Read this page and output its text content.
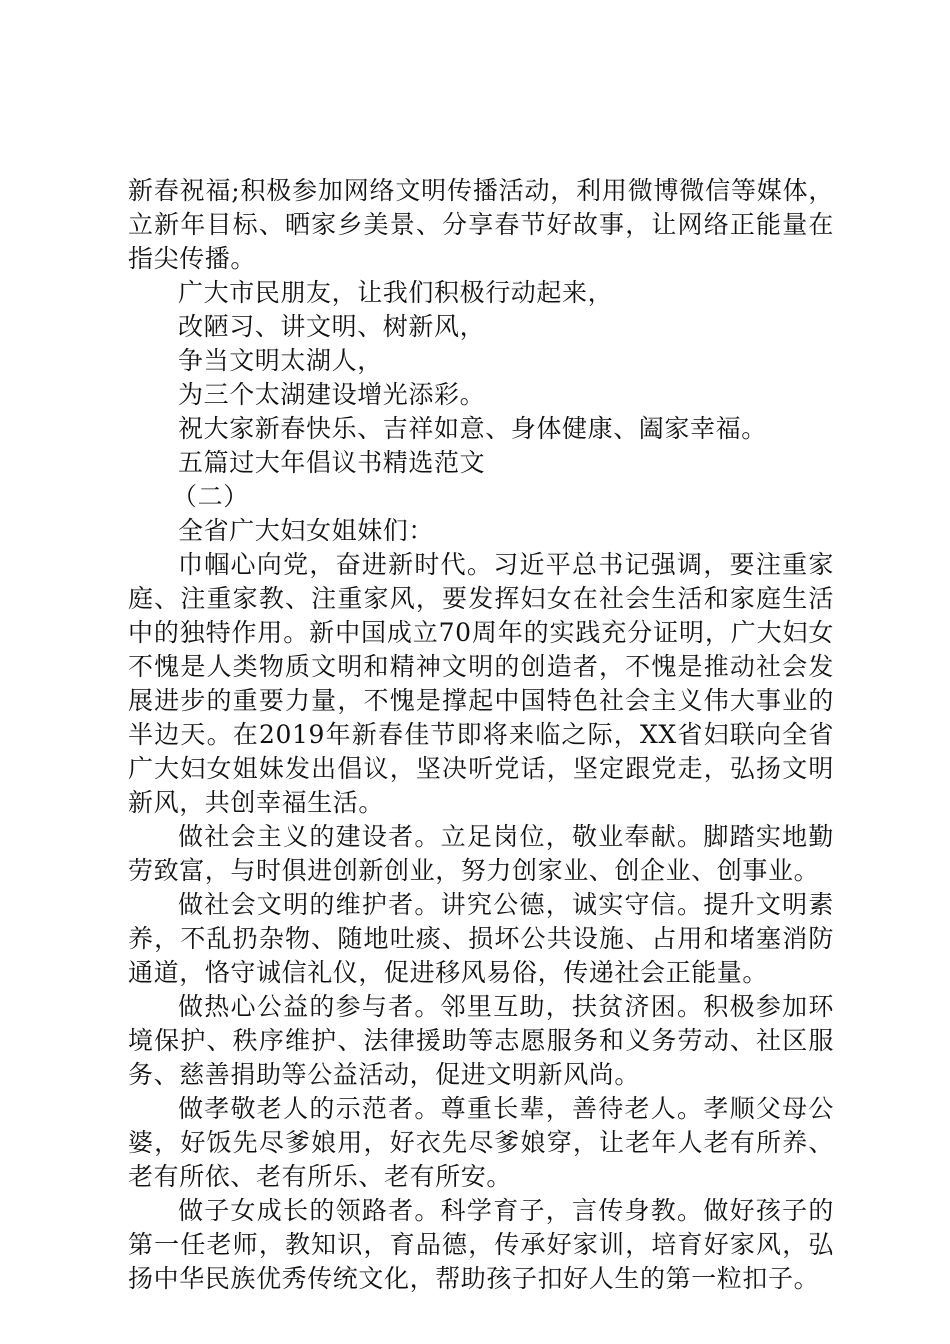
新春祝福;积极参加网络文明传播活动，利用微博微信等媒体，立新年目标、晒家乡美景、分享春节好故事，让网络正能量在指尖传播。

广大市民朋友，让我们积极行动起来，

改陋习、讲文明、树新风，

争当文明太湖人，

为三个太湖建设增光添彩。

祝大家新春快乐、吉祥如意、身体健康、阖家幸福。

五篇过大年倡议书精选范文

（二）

全省广大妇女姐妹们：

巾帼心向党，奋进新时代。习近平总书记强调，要注重家庭、注重家教、注重家风，要发挥妇女在社会生活和家庭生活中的独特作用。新中国成立70周年的实践充分证明，广大妇女不愧是人类物质文明和精神文明的创造者，不愧是推动社会发展进步的重要力量，不愧是撑起中国特色社会主义伟大事业的半边天。在2019年新春佳节即将来临之际，XX省妇联向全省广大妇女姐妹发出倡议，坚决听党话，坚定跟党走，弘扬文明新风，共创幸福生活。

做社会主义的建设者。立足岗位，敬业奉献。脚踏实地勤劳致富，与时俱进创新创业，努力创家业、创企业、创事业。

做社会文明的维护者。讲究公德，诚实守信。提升文明素养，不乱扔杂物、随地吐痰、损坏公共设施、占用和堵塞消防通道，恪守诚信礼仪，促进移风易俗，传递社会正能量。

做热心公益的参与者。邻里互助，扶贫济困。积极参加环境保护、秩序维护、法律援助等志愿服务和义务劳动、社区服务、慈善捐助等公益活动，促进文明新风尚。

做孝敬老人的示范者。尊重长辈，善待老人。孝顺父母公婆，好饭先尽爹娘用，好衣先尽爹娘穿，让老年人老有所养、老有所依、老有所乐、老有所安。

做子女成长的领路者。科学育子，言传身教。做好孩子的第一任老师，教知识，育品德，传承好家训，培育好家风，弘扬中华民族优秀传统文化，帮助孩子扣好人生的第一粒扣子。
